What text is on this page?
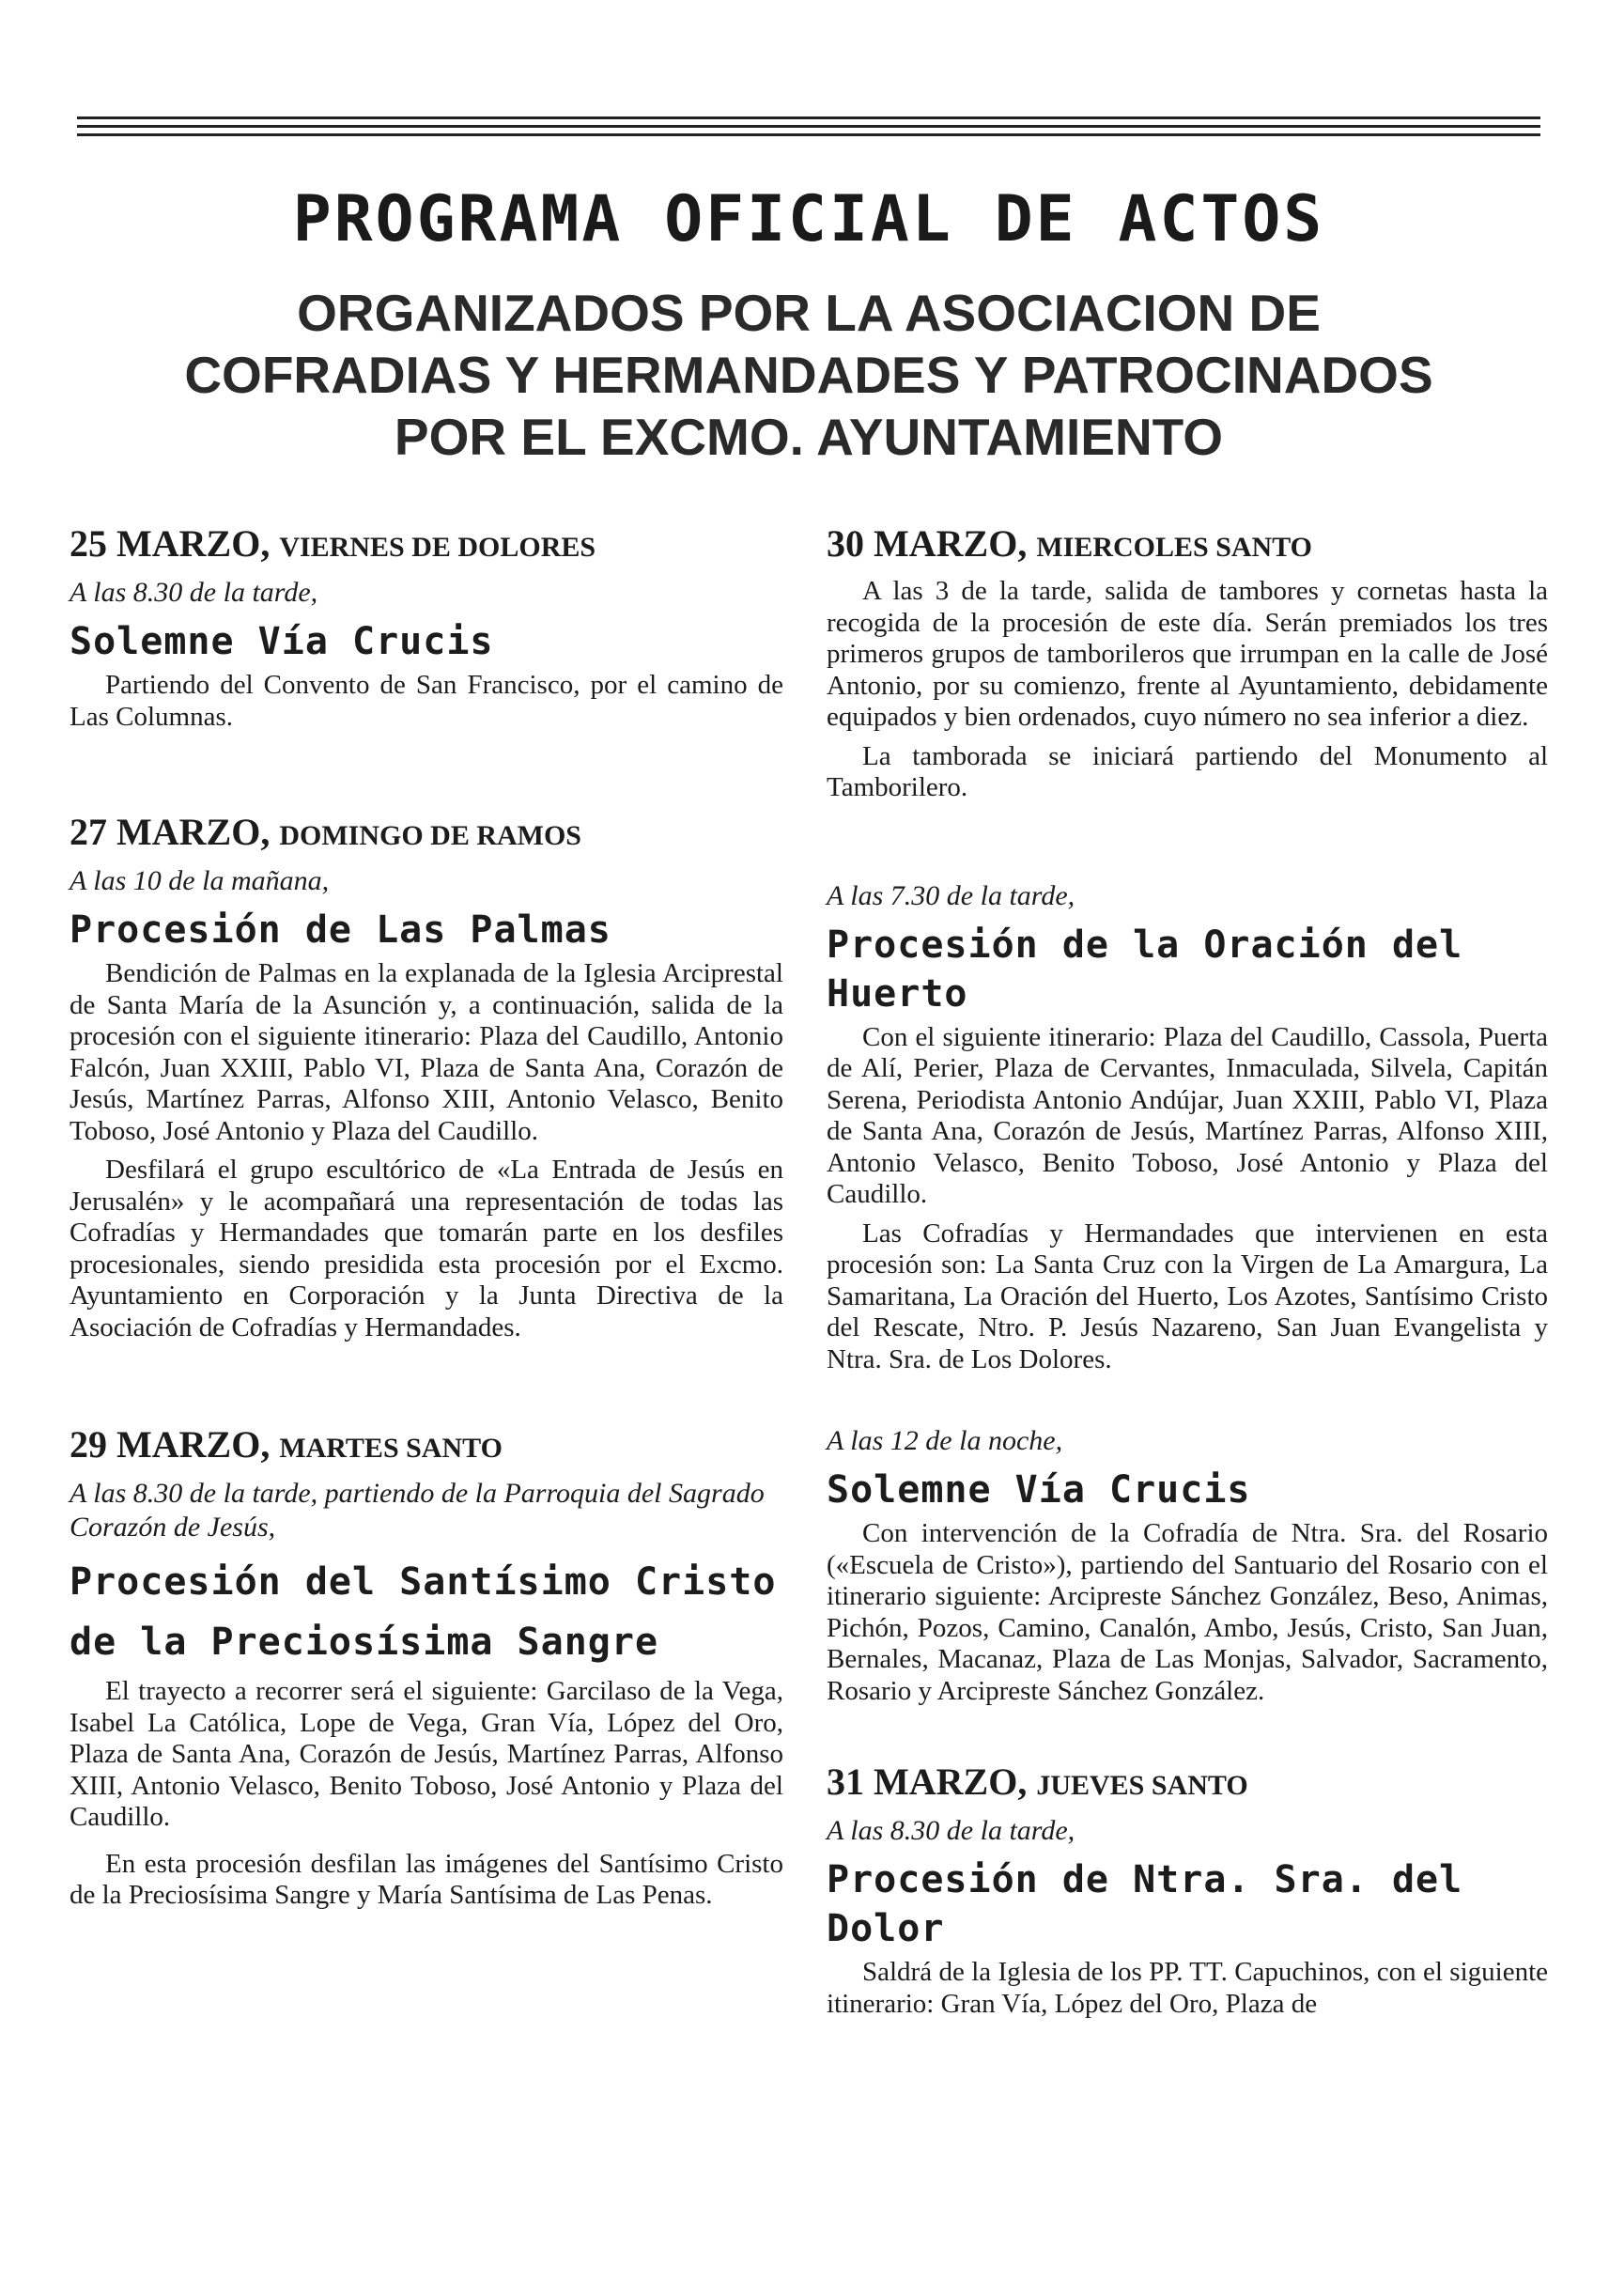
PROGRAMA OFICIAL DE ACTOS
ORGANIZADOS POR LA ASOCIACION DE
COFRADIAS Y HERMANDADES Y PATROCINADOS
POR EL EXCMO. AYUNTAMIENTO
25 MARZO, VIERNES DE DOLORES
A las 8.30 de la tarde,
Solemne Vía Crucis

Partiendo del Convento de San Francisco, por el camino de Las Columnas.

27 MARZO, DOMINGO DE RAMOS
A las 10 de la mañana,
Procesión de Las Palmas

Bendición de Palmas en la explanada de la Iglesia Arciprestal de Santa María de la Asunción y, a continuación, salida de la procesión con el siguiente itinerario: Plaza del Caudillo, Antonio Falcón, Juan XXIII, Pablo VI, Plaza de Santa Ana, Corazón de Jesús, Martínez Parras, Alfonso XIII, Antonio Velasco, Benito Toboso, José Antonio y Plaza del Caudillo.

Desfilará el grupo escultórico de «La Entrada de Jesús en Jerusalén» y le acompañará una representación de todas las Cofradías y Hermandades que tomarán parte en los desfiles procesionales, siendo presidida esta procesión por el Excmo. Ayuntamiento en Corporación y la Junta Directiva de la Asociación de Cofradías y Hermandades.

29 MARZO, MARTES SANTO
A las 8.30 de la tarde, partiendo de la Parroquia del Sagrado Corazón de Jesús,
Procesión del Santísimo Cristo de la Preciosísima Sangre

El trayecto a recorrer será el siguiente: Garcilaso de la Vega, Isabel La Católica, Lope de Vega, Gran Vía, López del Oro, Plaza de Santa Ana, Corazón de Jesús, Martínez Parras, Alfonso XIII, Antonio Velasco, Benito Toboso, José Antonio y Plaza del Caudillo.

En esta procesión desfilan las imágenes del Santísimo Cristo de la Preciosísima Sangre y María Santísima de Las Penas.

30 MARZO, MIERCOLES SANTO

A las 3 de la tarde, salida de tambores y cornetas hasta la recogida de la procesión de este día. Serán premiados los tres primeros grupos de tamborileros que irrumpan en la calle de José Antonio, por su comienzo, frente al Ayuntamiento, debidamente equipados y bien ordenados, cuyo número no sea inferior a diez.

La tamborada se iniciará partiendo del Monumento al Tamborilero.

A las 7.30 de la tarde,
Procesión de la Oración del Huerto

Con el siguiente itinerario: Plaza del Caudillo, Cassola, Puerta de Alí, Perier, Plaza de Cervantes, Inmaculada, Silvela, Capitán Serena, Periodista Antonio Andújar, Juan XXIII, Pablo VI, Plaza de Santa Ana, Corazón de Jesús, Martínez Parras, Alfonso XIII, Antonio Velasco, Benito Toboso, José Antonio y Plaza del Caudillo.

Las Cofradías y Hermandades que intervienen en esta procesión son: La Santa Cruz con la Virgen de La Amargura, La Samaritana, La Oración del Huerto, Los Azotes, Santísimo Cristo del Rescate, Ntro. P. Jesús Nazareno, San Juan Evangelista y Ntra. Sra. de Los Dolores.

A las 12 de la noche,
Solemne Vía Crucis

Con intervención de la Cofradía de Ntra. Sra. del Rosario («Escuela de Cristo»), partiendo del Santuario del Rosario con el itinerario siguiente: Arcipreste Sánchez González, Beso, Animas, Pichón, Pozos, Camino, Canalón, Ambo, Jesús, Cristo, San Juan, Bernales, Macanaz, Plaza de Las Monjas, Salvador, Sacramento, Rosario y Arcipreste Sánchez González.

31 MARZO, JUEVES SANTO
A las 8.30 de la tarde,
Procesión de Ntra. Sra. del Dolor

Saldrá de la Iglesia de los PP. TT. Capuchinos, con el siguiente itinerario: Gran Vía, López del Oro, Plaza de
